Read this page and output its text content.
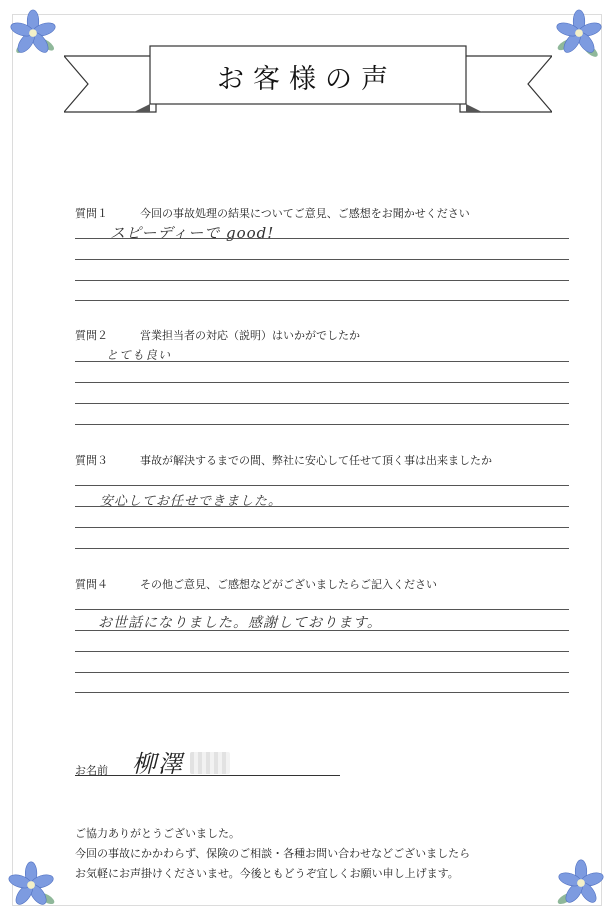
お客様の声
質問１	今回の事故処理の結果についてご意見、ご感想をお聞かせください
スピーディーで good!
質問２	営業担当者の対応（説明）はいかがでしたか
とても良い
質問３	事故が解決するまでの間、弊社に安心して任せて頂く事は出来ましたか
安心してお任せできました。
質問４	その他ご意見、ご感想などがございましたらご記入ください
お世話になりました。感謝しております。
お名前 柳澤
ご協力ありがとうございました。
今回の事故にかかわらず、保険のご相談・各種お問い合わせなどございましたら
お気軽にお声掛けくださいませ。今後ともどうぞ宜しくお願い申し上げます。
